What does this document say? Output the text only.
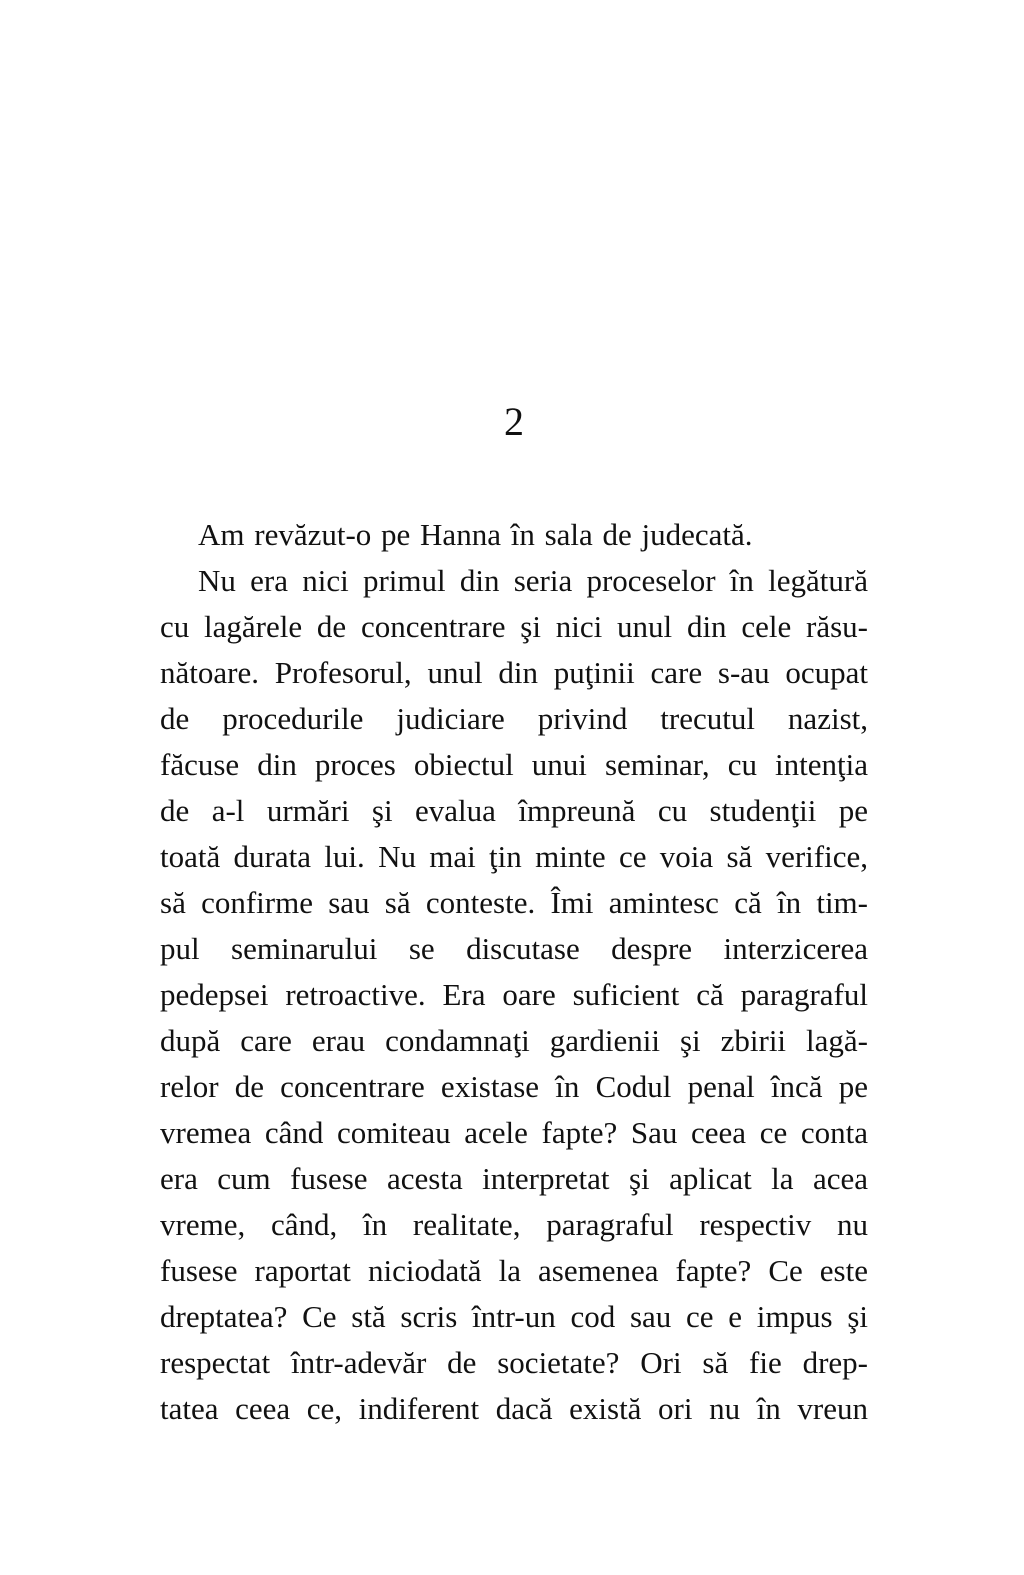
2
Am revăzut-o pe Hanna în sala de judecată.
Nu era nici primul din seria proceselor în legătură
cu lagărele de concentrare şi nici unul din cele răsu-
nătoare. Profesorul, unul din puţinii care s-au ocupat
de procedurile judiciare privind trecutul nazist,
făcuse din proces obiectul unui seminar, cu intenţia
de a-l urmări şi evalua împreună cu studenţii pe
toată durata lui. Nu mai ţin minte ce voia să verifice,
să confirme sau să conteste. Îmi amintesc că în tim-
pul seminarului se discutase despre interzicerea
pedepsei retroactive. Era oare suficient că paragraful
după care erau condamnaţi gardienii şi zbirii lagă-
relor de concentrare existase în Codul penal încă pe
vremea când comiteau acele fapte? Sau ceea ce conta
era cum fusese acesta interpretat şi aplicat la acea
vreme, când, în realitate, paragraful respectiv nu
fusese raportat niciodată la asemenea fapte? Ce este
dreptatea? Ce stă scris într-un cod sau ce e impus şi
respectat într-adevăr de societate? Ori să fie drep-
tatea ceea ce, indiferent dacă există ori nu în vreun
